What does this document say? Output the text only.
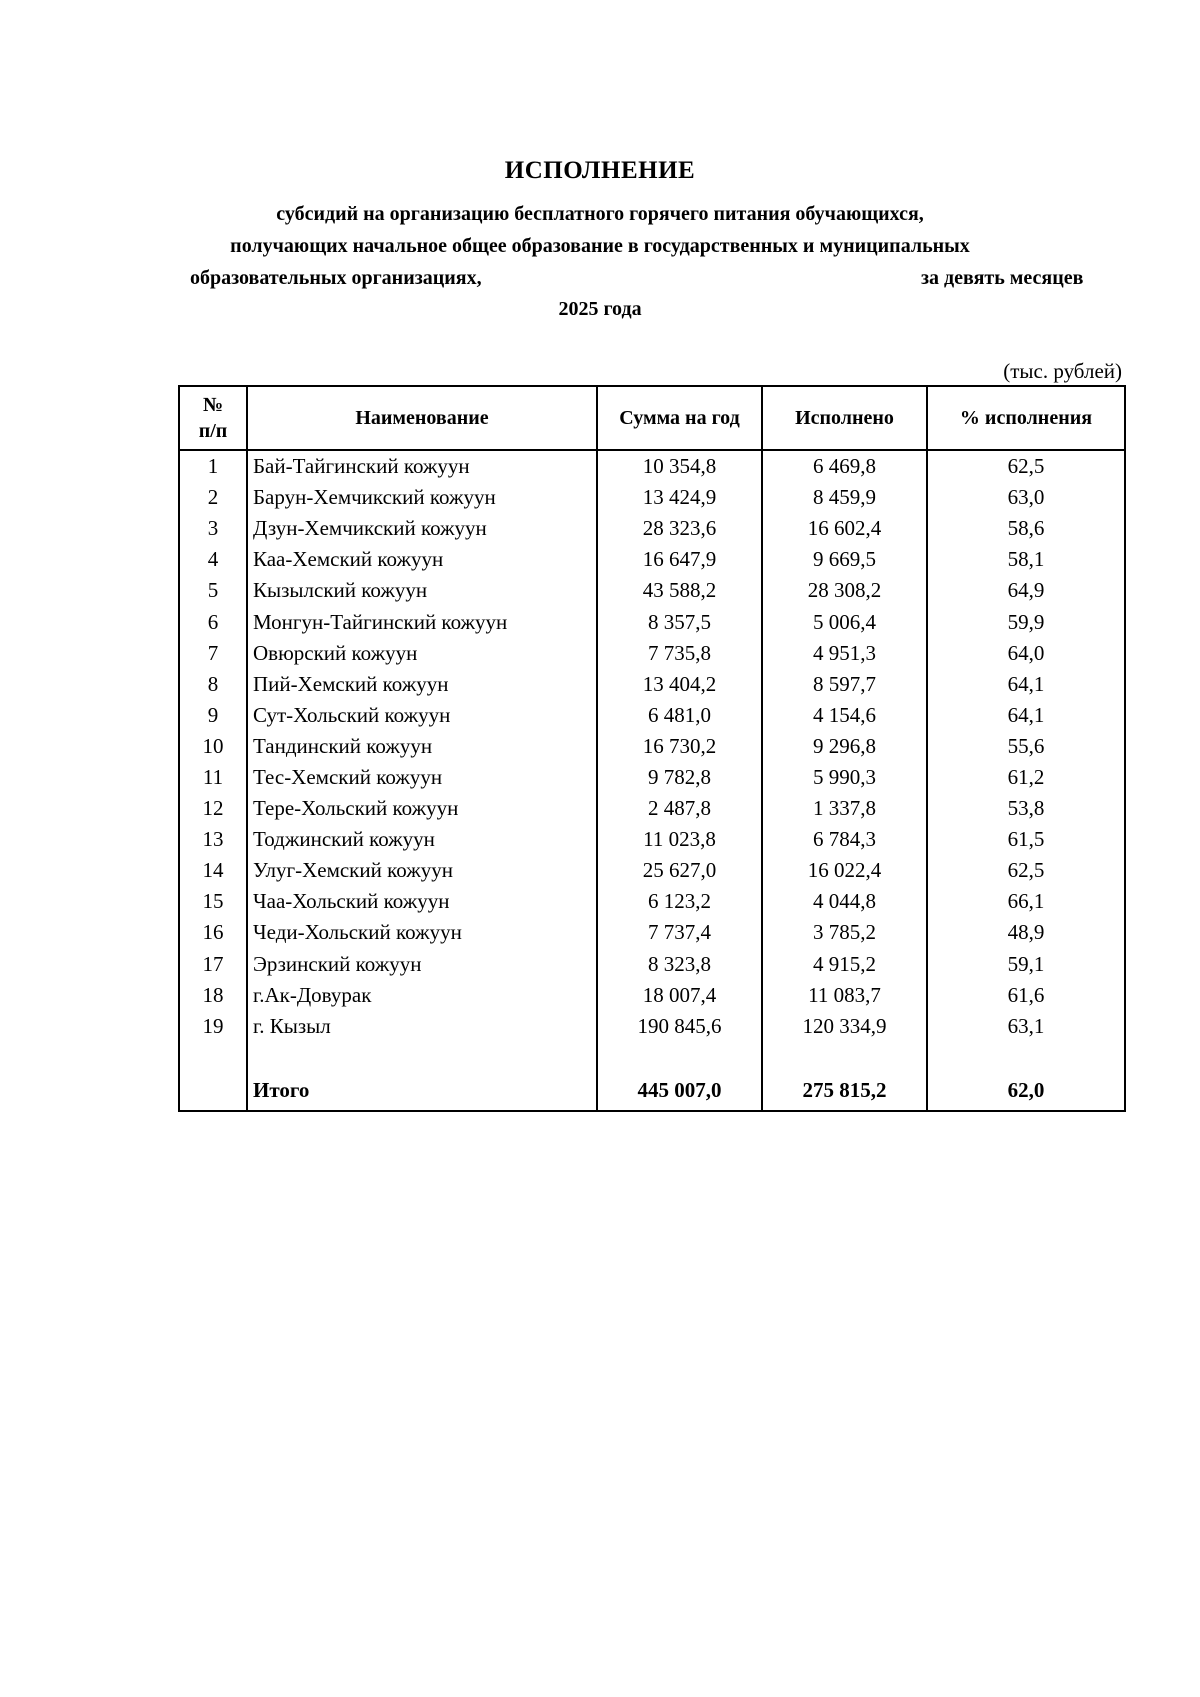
ИСПОЛНЕНИЕ
субсидий на организацию бесплатного горячего питания обучающихся,
получающих начальное общее образование в государственных и муниципальных
образовательных организациях,	за девять месяцев
2025 года
(тыс. рублей)
№
п/п	Наименование	Сумма на год	Исполнено	% исполнения
1	Бай-Тайгинский кожуун	10 354,8	6 469,8	62,5
2	Барун-Хемчикский кожуун	13 424,9	8 459,9	63,0
3	Дзун-Хемчикский кожуун	28 323,6	16 602,4	58,6
4	Каа-Хемский кожуун	16 647,9	9 669,5	58,1
5	Кызылский кожуун	43 588,2	28 308,2	64,9
6	Монгун-Тайгинский кожуун	8 357,5	5 006,4	59,9
7	Овюрский кожуун	7 735,8	4 951,3	64,0
8	Пий-Хемский кожуун	13 404,2	8 597,7	64,1
9	Сут-Хольский кожуун	6 481,0	4 154,6	64,1
10	Тандинский кожуун	16 730,2	9 296,8	55,6
11	Тес-Хемский кожуун	9 782,8	5 990,3	61,2
12	Тере-Хольский кожуун	2 487,8	1 337,8	53,8
13	Тоджинский кожуун	11 023,8	6 784,3	61,5
14	Улуг-Хемский кожуун	25 627,0	16 022,4	62,5
15	Чаа-Хольский кожуун	6 123,2	4 044,8	66,1
16	Чеди-Хольский кожуун	7 737,4	3 785,2	48,9
17	Эрзинский кожуун	8 323,8	4 915,2	59,1
18	г.Ак-Довурак	18 007,4	11 083,7	61,6
19	г. Кызыл	190 845,6	120 334,9	63,1

	Итого	445 007,0	275 815,2	62,0
